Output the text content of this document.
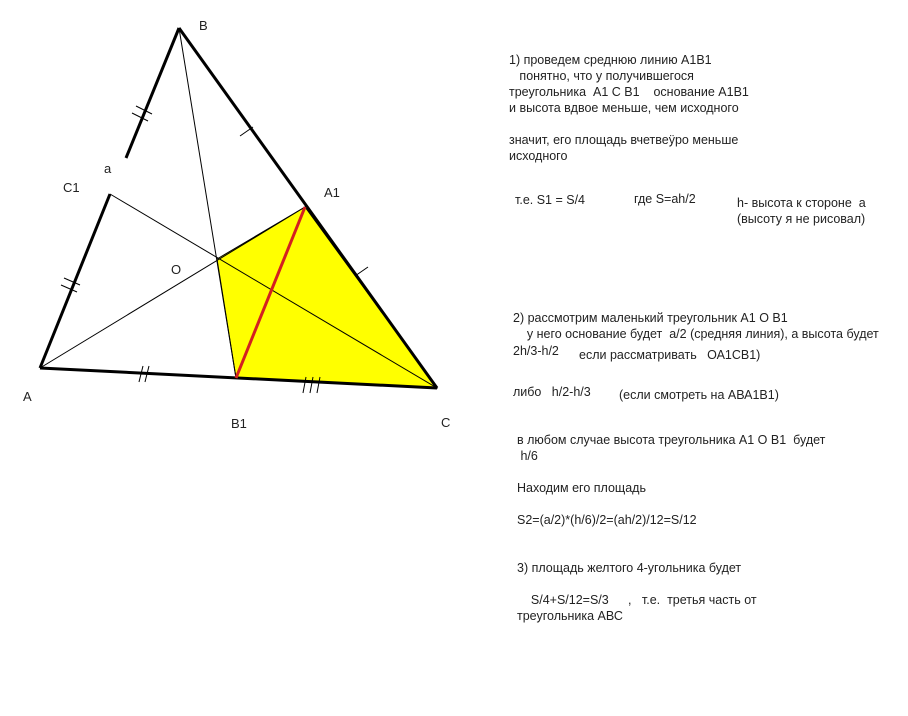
B
A1
C1
a
O
A
B1	C
1) проведем среднюю линию А1В1
понятно, что у получившегося
треугольника  А1 С В1    основание А1В1
и высота вдвое меньше, чем исходного
значит, его площадь вчетвеÿро меньше
исходного
т.е. S1 = S/4	где S=ah/2	h- высота к стороне  а
(высоту я не рисовал)
2) рассмотрим маленький треугольник А1 О В1
у него основание будет  а/2 (средняя линия), а высота будет
2h/3-h/2 если рассматривать   ОА1СВ1)
либо   h/2-h/3 (если смотреть на АВА1В1)
в любом случае высота треугольника А1 О В1  будет
h/6
Находим его площадь
S2=(a/2)*(h/6)/2=(ah/2)/12=S/12
3) площадь желтого 4-угольника будет
S/4+S/12=S/3 ,   т.е.  третья часть от
треугольника АВС
